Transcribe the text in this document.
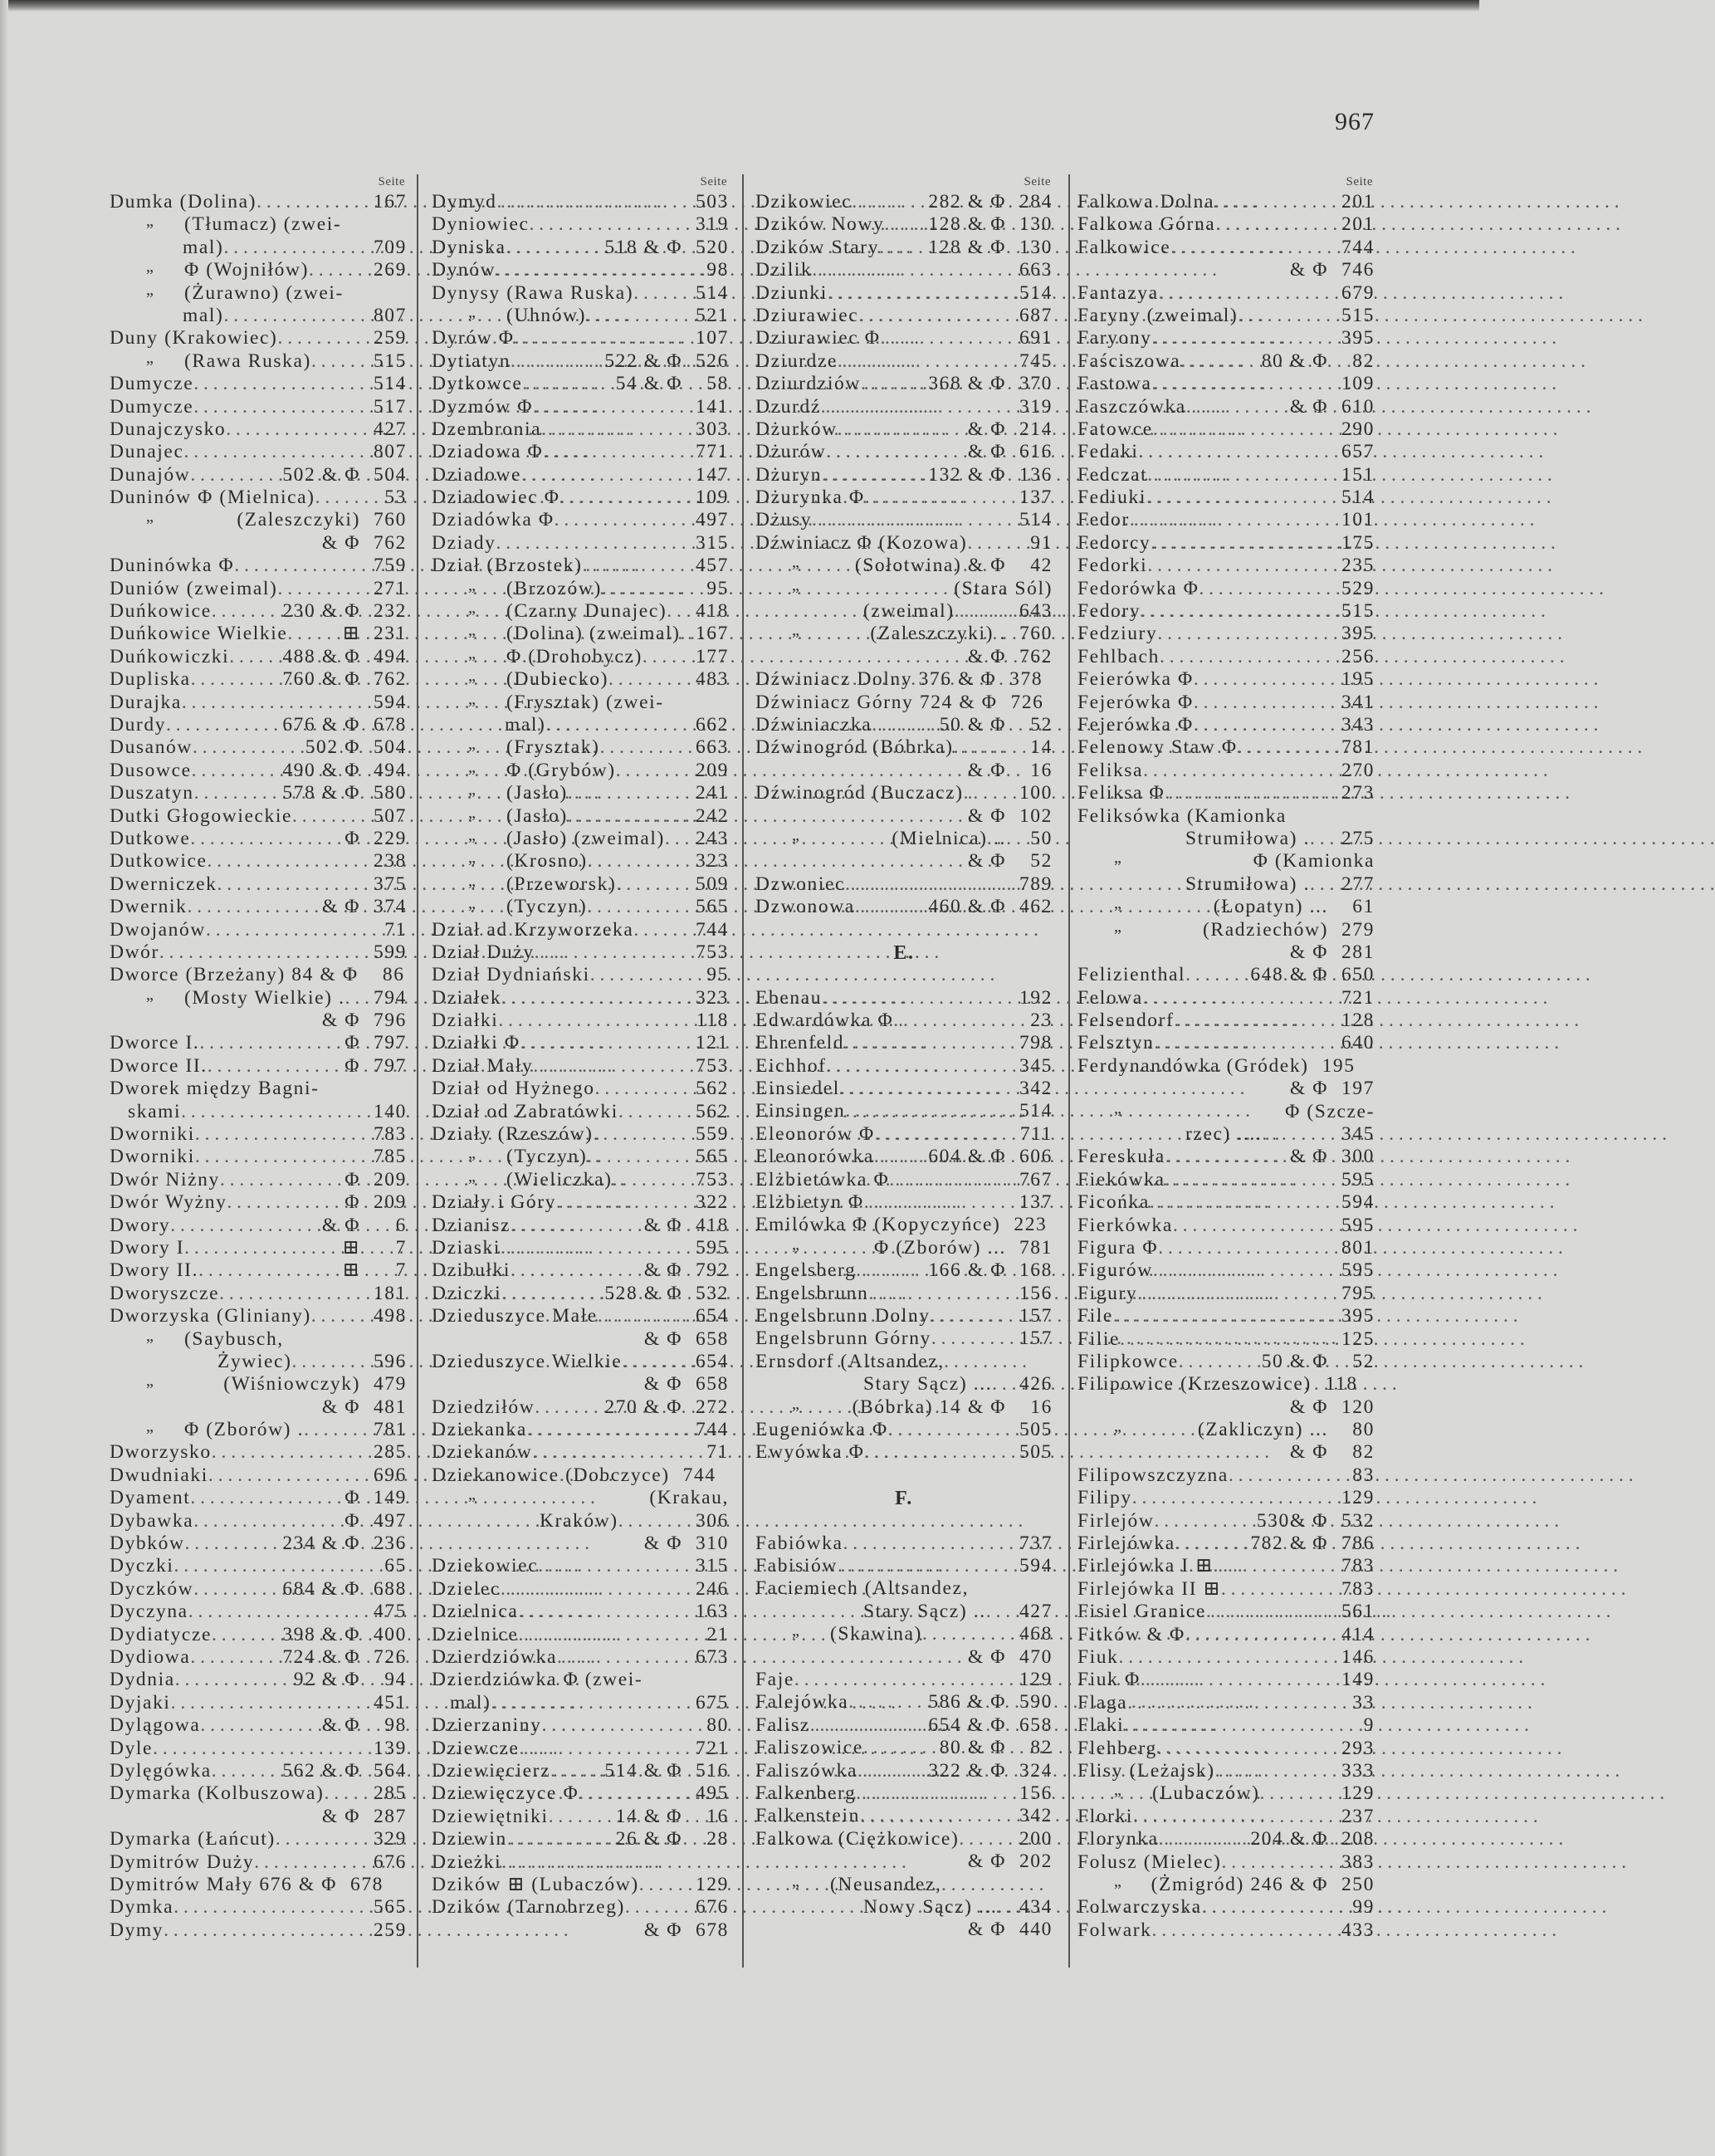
967
Seite
Dumka (Dolina) . . .	167
„ (Tłumacz) (zwei-
mal) . . .	709
„ Φ (Wojniłów) . . .	269
„ (Żurawno) (zwei-
mal) . . .	807
Duny (Krakowiec) . . .	259
„ (Rawa Ruska) . . .	515
Dumycze . . .	514
Dumycze . . .	517
Dunajczysko . . .	427
Dunajec . . .	807
Dunajów . . .	502 & Φ 504
Duninów Φ (Mielnica) . . .	53
„	(Zaleszczyki) 760
& Φ 762
Duninówka Φ . . .	759
Duniów (zweimal) . . .	271
Duńkowice . . .	230 & Φ 232
Duńkowice Wielkie . . .	⊞ 231
Duńkowiczki . . .	488 & Φ 494
Dupliska . . .	760 & Φ 762
Durajka . . .	594
Durdy . . .	676 & Φ 678
Dusanów . . .	502 Φ 504
Dusowce . . .	490 & Φ 494
Duszatyn . . .	578 & Φ 580
Dutki Głogowieckie . . .	507
Dutkowe . . .	Φ 229
Dutkowice . . .	238
Dwerniczek . . .	375
Dwernik . . .	& Φ 374
Dwojanów . . .	71
Dwór . . .	599
Dworce (Brzeżany) 84 & Φ	86
„ (Mosty Wielkie) . . . .	794
& Φ 796
Dworce I. . . .	Φ 797
Dworce II. . . .	Φ 797
Dworek między Bagni-
skami . . .	140
Dworniki . . .	783
Dworniki . . .	785
Dwór Niżny . . .	Φ 209
Dwór Wyżny . . .	Φ 209
Dwory . . .	& Φ	6
Dwory I . . .	⊞	7
Dwory II. . . .	⊞	7
Dworyszcze . . .	181
Dworzyska (Gliniany) . . .	498
„ (Saybusch,
Żywiec) . . .	596
„	(Wiśniowczyk) 479
& Φ 481
„ Φ (Zborów) . . . .	781
Dworzysko . . .	285
Dwudniaki . . .	696
Dyament . . .	Φ 149
Dybawka . . .	Φ 497
Dybków . . .	234 & Φ 236
Dyczki . . .	65
Dyczków . . .	684 & Φ 688
Dyczyna . . .	475
Dydiatycze . . .	398 & Φ 400
Dydiowa . . .	724 & Φ 726
Dydnia . . .	92 & Φ	94
Dyjaki . . .	451
Dylągowa . . .	& Φ	98
Dyle . . .	139
Dylęgówka . . .	562 & Φ 564
Dymarka (Kolbuszowa) . . .	285
& Φ 287
Dymarka (Łańcut) . . .	329
Dymitrów Duży . . .	676
Dymitrów Mały 676 & Φ 678
Dymka . . .	565
Dymy . . .	259
Seite
Dymyd . . .	503
Dyniowiec . . .	319
Dyniska . . .	518 & Φ 520
Dynów . . .	98
Dynysy (Rawa Ruska) . . .	514
„ (Uhnów) . . .	521
Dyrów Φ . . .	107
Dytiatyn . . .	522 & Φ 526
Dytkowce . . .	54 & Φ	58
Dyzmów Φ . . .	141
Dzembronia . . .	303
Dziadowa Φ . . .	771
Dziadowe . . .	147
Dziadowiec Φ . . .	109
Dziadówka Φ . . .	497
Dziady . . .	315
Dział (Brzostek) . . .	457
„ (Brzozów) . . .	95
„ (Czarny Dunajec) . . .	418
„ (Dolina) (zweimal) . . . 167
„ Φ (Drohobycz) . . .	177
„ (Dubiecko) . . .	483
„ (Frysztak) (zwei-
mal) . . .	662
„ (Frysztak) . . .	663
„ Φ (Grybów) . . .	209
„ (Jasło) . . .	241
„ (Jasło) . . .	242
„ (Jasło) (zweimal) . . .	243
„ (Krosno) . . .	323
„ (Przeworsk) . . .	509
„ (Tyczyn) . . .	565
Dział ad Krzyworzeka . . .	744
Dział Duży . . .	753
Dział Dydniański . . .	95
Działek . . .	323
Działki . . .	118
Działki Φ . . .	121
Dział Mały . . .	753
Dział od Hyżnego . . .	562
Dział od Zabratówki . . .	562
Działy (Rzeszów) . . .	559
„ (Tyczyn) . . .	565
„ (Wieliczka) . . .	753
Działy i Góry . . .	322
Dzianisz . . .	& Φ 418
Dziaski . . .	595
Dzibułki . . .	& Φ 792
Dziczki . . .	528 & Φ 532
Dzieduszyce Małe . . .	654
& Φ 658
Dzieduszyce Wielkie . . .	654
& Φ 658
Dziedziłów . . .	270 & Φ 272
Dziekanka . . .	744
Dziekanów . . .	71
Dziekanowice (Dobczyce) 744
„	(Krakau,
Kraków) . . .	306
& Φ 310
Dziekowiec . . .	315
Dzielec . . .	246
Dzielnica . . .	163
Dzielnice . . .	21
Dzierdziówka . . .	673
Dzierdziówka Φ (zwei-
mal) . . .	675
Dzierzaniny . . .	80
Dziewcze . . .	721
Dziewięcierz . . .	514 & Φ 516
Dziewięczyce Φ . . .	495
Dziewiętniki . . .	14 & Φ	16
Dziewin . . .	26 & Φ	28
Dzieżki
. . .

Dzików ⊞ (Lubaczów) . . .	129
Dzików (Tarnobrzeg) . . .	676
& Φ 678
Seite
Dzikowiec . . .	282 & Φ 284
Dzików Nowy . . . 128 & Φ 130
Dzików Stary . . .	128 & Φ 130
Dzilik . . .	663
Dziunki . . .	514
Dziurawiec . . .	687
Dziurawiec Φ . . .	691
Dziurdze . . .	745
Dziurdziów . . .	368 & Φ 370
Dzurdź . . .	319
Dżurków . . .	& Φ 214
Dżurów . . .	& Φ 616
Dżuryn . . .	132 & Φ 136
Dżurynka Φ . . .	137
Dżusy . . .	514
Dźwiniacz Φ (Kozowa) . . .	91
„	(Sołotwina) & Φ	42
„	(Stara Sól)
(zweimal) . . .	643
„	(Zaleszczyki) . 760
& Φ 762
Dźwiniacz Dolny 376 & Φ 378
Dźwiniacz Górny 724 & Φ 726
Dźwiniaczka . . .	50 & Φ	52
Dźwinogród (Bóbrka) . . .	14
& Φ	16
Dźwinogród (Buczacz) . . .	100
& Φ 102
„	(Mielnica) ..	50
& Φ	52
Dzwoniec . . .	789
Dzwonowa . . .	460 & Φ 462
E.
Ebenau . . .	192
Edwardówka Φ . . .	23
Ehrenfeld . . .	798
Eichhof . . .	345
Einsiedel . . .	342
Einsingen . . .	514
Eleonorów Φ . . .	711
Eleonorówka . . .	604 & Φ 606
Elżbietówka Φ . . .	767
Elżbietyn Φ . . .	137
Emilówka Φ (Kopyczyńce) 223
„	Φ (Zborów) ... 781
Engelsberg . . .	166 & Φ 168
Engelsbrunn . . .	156
Engelsbrunn Dolny . . .	157
Engelsbrunn Górny . . .	157
Ernsdorf (Altsandez,
Stary Sącz) ... . . .	426
„	(Bóbrka) 14 & Φ	16
Eugeniówka Φ . . .	505
Ewyówka Φ . . .	505
F.
Fabiówka . . .	737
Fabisiów . . .	594
Faciemiech (Altsandez,
Stary Sącz) .. . . .	427
„ (Skawina) . . .	468
& Φ 470
Faje . . .	129
Falejówka . . .	586 & Φ 590
Falisz . . .	654 & Φ 658
Faliszowice . . .	80 & Φ	82
Faliszówka . . .	322 & Φ 324
Falkenberg . . .	156
Falkenstein . . .	342
Falkowa (Ciężkowice) . . .	200
& Φ 202
„ (Neusandez,
Nowy Sącz) ... . . .	434
& Φ 440
Seite
Falkowa Dolna . . .	201
Falkowa Górna . . .	201
Falkowice . . .	744
& Φ 746
Fantazya . . .	679
Faryny (zweimal) . . .	515
Faryony . . .	395
Faściszowa . . .	80 & Φ	82
Fastowa . . .	109
Faszczówka . . .	& Φ 610
Fatowce . . .	290
Fedaki . . .	657
Fedczat . . .	151
Fediuki . . .	514
Fedor . . .	101
Fedorcy . . .	175
Fedorki . . .	235
Fedorówka Φ . . .	529
Fedory . . .	515
Fedziury . . .	395
Fehlbach . . .	256
Feierówka Φ . . .	195
Fejerówka Φ . . .	341
Fejerówka Φ . . .	343
Felenowy Staw Φ . . .	781
Feliksa . . .	270
Feliksa Φ . . .	273
Feliksówka (Kamionka
Strumiłowa) . . . .	275
„	Φ (Kamionka
Strumiłowa) . . . .	277
„	(Łopatyn) ...	61
„	(Radziechów) 279
& Φ 281
Felizienthal . . .	648 & Φ 650
Felowa . . .	721
Felsendorf . . .	128
Felsztyn . . .	640
Ferdynandówka (Gródek) 195
& Φ 197
„	Φ (Szcze-
rzec) .... . . .	345
Fereskuła . . .	& Φ 300
Fiekówka . . .	595
Ficońka . . .	594
Fierkówka . . .	595
Figura Φ . . .	801
Figurów . . .	595
Figury . . .	795
File . . .	395
Filie . . .	125
Filipkowce . . .	50 & Φ	52
Filipowice (Krzeszowice) 118
& Φ 120
„	(Zakliczyn) ...	80
& Φ	82
Filipowszczyzna . . .	83
Filipy . . .	129
Firlejów . . .	530& Φ 532
Firlejówka . . .	782 & Φ 786
Firlejówka I ⊞ . . .	783
Firlejówka II ⊞ . . .	783
Fisiel Granice . . .	561
Fitków & Φ . . .	414
Fiuk . . .	146
Fiuk Φ . . .	149
Flaga . . .	33
Flaki . . .	9
Flehberg . . .	293
Flisy (Leżajsk) . . .	333
„ (Lubaczów) . . .	129
Florki . . .	237
Florynka . . .	204 & Φ 208
Folusz (Mielec) . . .	383
„ (Żmigród) 246 & Φ 250
Folwarczyska . . .	99
Folwark . . .	433
